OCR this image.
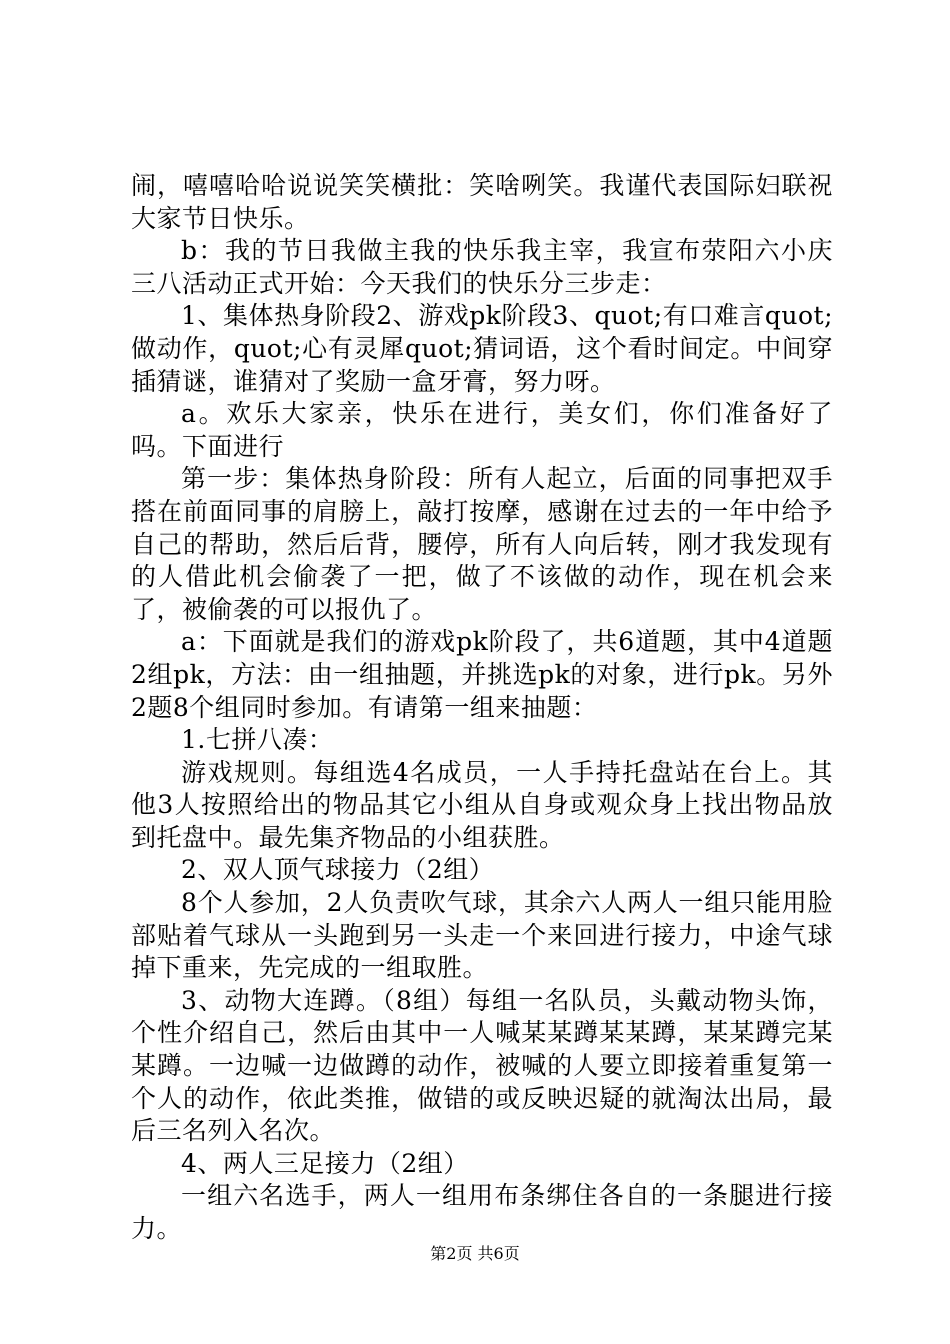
闹，嘻嘻哈哈说说笑笑横批：笑啥咧笑。我谨代表国际妇联祝大家节日快乐。

b：我的节日我做主我的快乐我主宰，我宣布荥阳六小庆三八活动正式开始：今天我们的快乐分三步走：

1、集体热身阶段2、游戏pk阶段3、quot;有口难言quot;做动作，quot;心有灵犀quot;猜词语，这个看时间定。中间穿插猜谜，谁猜对了奖励一盒牙膏，努力呀。

a。欢乐大家亲，快乐在进行，美女们，你们准备好了吗。下面进行

第一步：集体热身阶段：所有人起立，后面的同事把双手搭在前面同事的肩膀上，敲打按摩，感谢在过去的一年中给予自己的帮助，然后后背，腰停，所有人向后转，刚才我发现有的人借此机会偷袭了一把，做了不该做的动作，现在机会来了，被偷袭的可以报仇了。

a：下面就是我们的游戏pk阶段了，共6道题，其中4道题2组pk，方法：由一组抽题，并挑选pk的对象，进行pk。另外2题8个组同时参加。有请第一组来抽题：

1.七拼八凑：

游戏规则。每组选4名成员，一人手持托盘站在台上。其他3人按照给出的物品其它小组从自身或观众身上找出物品放到托盘中。最先集齐物品的小组获胜。

2、双人顶气球接力（2组）

8个人参加，2人负责吹气球，其余六人两人一组只能用脸部贴着气球从一头跑到另一头走一个来回进行接力，中途气球掉下重来，先完成的一组取胜。

3、动物大连蹲。（8组）每组一名队员，头戴动物头饰，个性介绍自己，然后由其中一人喊某某蹲某某蹲，某某蹲完某某蹲。一边喊一边做蹲的动作，被喊的人要立即接着重复第一个人的动作，依此类推，做错的或反映迟疑的就淘汰出局，最后三名列入名次。

4、两人三足接力（2组）

一组六名选手，两人一组用布条绑住各自的一条腿进行接力。

第2页 共6页
